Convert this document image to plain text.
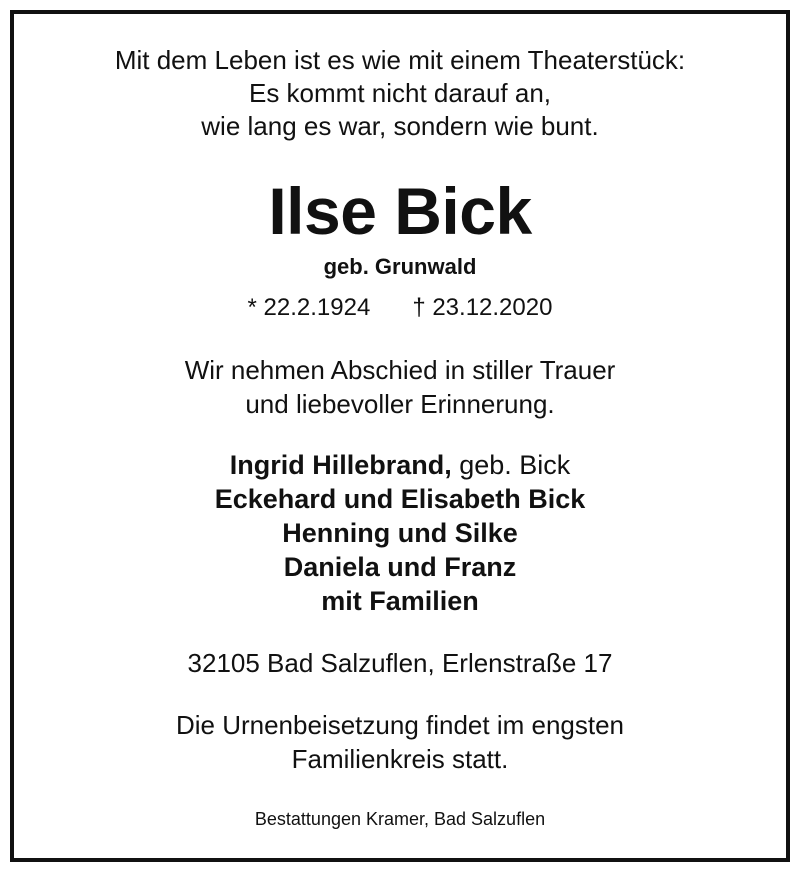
Mit dem Leben ist es wie mit einem Theaterstück:
Es kommt nicht darauf an,
wie lang es war, sondern wie bunt.
Ilse Bick
geb. Grunwald
* 22.2.1924 † 23.12.2020
Wir nehmen Abschied in stiller Trauer
und liebevoller Erinnerung.
Ingrid Hillebrand, geb. Bick
Eckehard und Elisabeth Bick
Henning und Silke
Daniela und Franz
mit Familien
32105 Bad Salzuflen, Erlenstraße 17
Die Urnenbeisetzung findet im engsten
Familienkreis statt.
Bestattungen Kramer, Bad Salzuflen
